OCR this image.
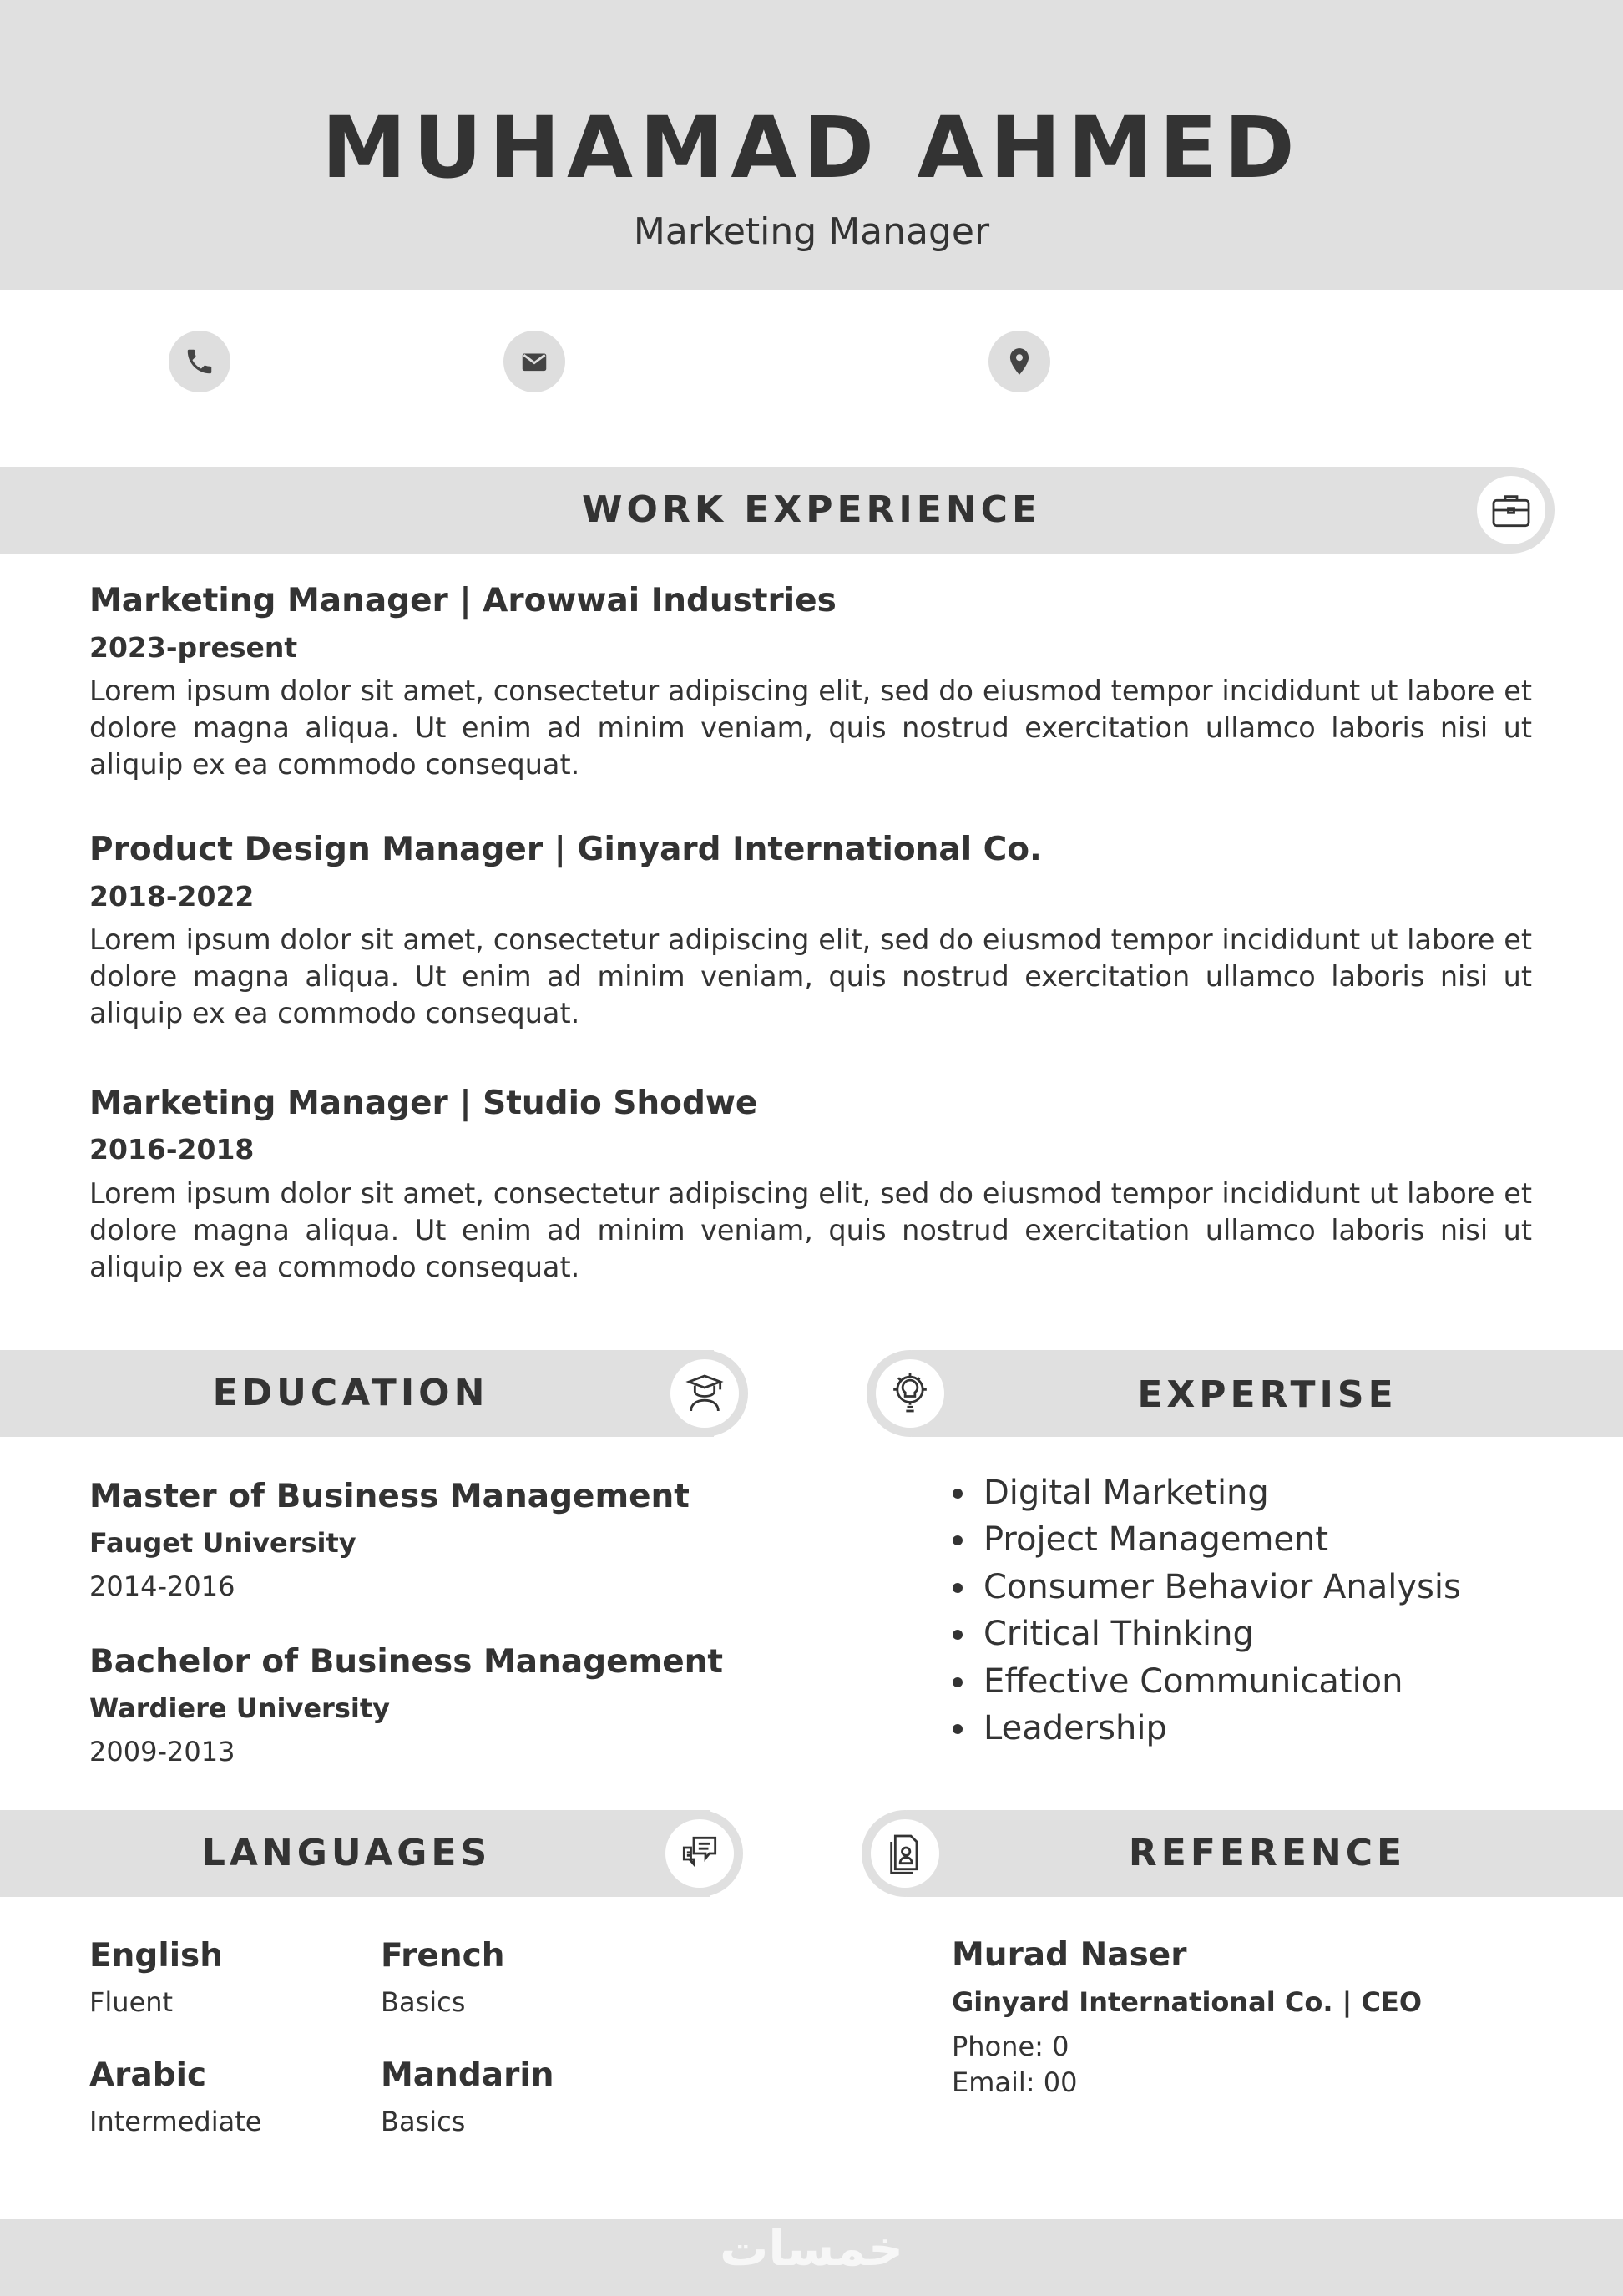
MUHAMAD AHMED
Marketing Manager
WORK EXPERIENCE
Marketing Manager | Arowwai Industries
2023-present
Lorem ipsum dolor sit amet, consectetur adipiscing elit, sed do eiusmod tempor incididunt ut labore et dolore magna aliqua. Ut enim ad minim veniam, quis nostrud exercitation ullamco laboris nisi ut aliquip ex ea commodo consequat.
Product Design Manager | Ginyard International Co.
2018-2022
Lorem ipsum dolor sit amet, consectetur adipiscing elit, sed do eiusmod tempor incididunt ut labore et dolore magna aliqua. Ut enim ad minim veniam, quis nostrud exercitation ullamco laboris nisi ut aliquip ex ea commodo consequat.
Marketing Manager | Studio Shodwe
2016-2018
Lorem ipsum dolor sit amet, consectetur adipiscing elit, sed do eiusmod tempor incididunt ut labore et dolore magna aliqua. Ut enim ad minim veniam, quis nostrud exercitation ullamco laboris nisi ut aliquip ex ea commodo consequat.
EDUCATION
Master of Business Management
Fauget University
2014-2016
Bachelor of Business Management
Wardiere University
2009-2013
EXPERTISE
• Digital Marketing
• Project Management
• Consumer Behavior Analysis
• Critical Thinking
• Effective Communication
• Leadership
LANGUAGES
English
Fluent
French
Basics
Arabic
Intermediate
Mandarin
Basics
REFERENCE
Murad Naser
Ginyard International Co. | CEO
Phone: 0
Email: 00
خمسات
